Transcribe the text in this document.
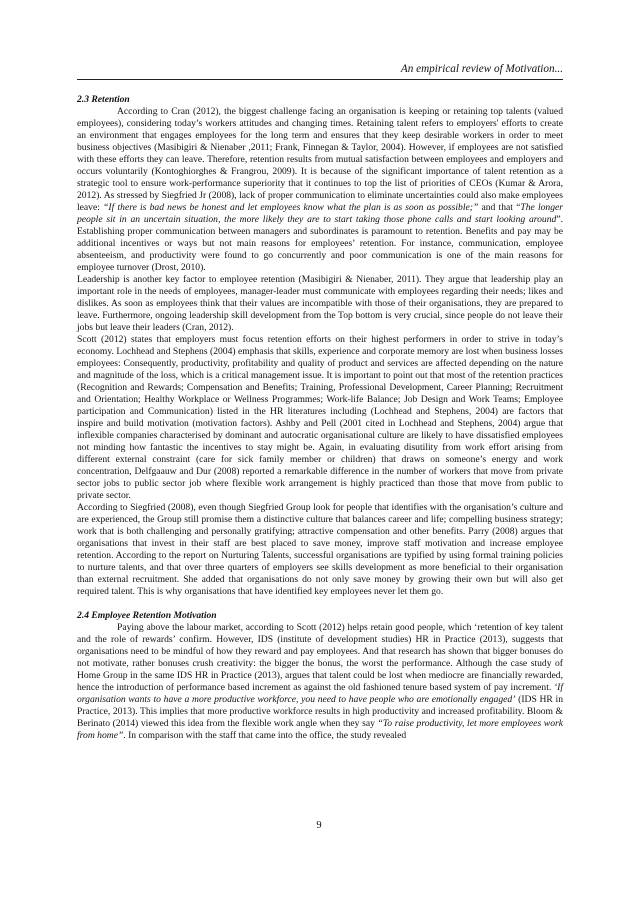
An empirical review of Motivation...
2.3 Retention

According to Cran (2012), the biggest challenge facing an organisation is keeping or retaining top talents (valued employees), considering today’s workers attitudes and changing times. Retaining talent refers to employers' efforts to create an environment that engages employees for the long term and ensures that they keep desirable workers in order to meet business objectives (Masibigiri & Nienaber ,2011; Frank, Finnegan & Taylor, 2004). However, if employees are not satisfied with these efforts they can leave. Therefore, retention results from mutual satisfaction between employees and employers and occurs voluntarily (Kontoghiorghes & Frangrou, 2009). It is because of the significant importance of talent retention as a strategic tool to ensure work-performance superiority that it continues to top the list of priorities of CEOs (Kumar & Arora, 2012). As stressed by Siegfried Jr (2008), lack of proper communication to eliminate uncertainties could also make employees leave: “If there is bad news be honest and let employees know what the plan is as soon as possible;” and that “The longer people sit in an uncertain situation, the more likely they are to start taking those phone calls and start looking around”. Establishing proper communication between managers and subordinates is paramount to retention. Benefits and pay may be additional incentives or ways but not main reasons for employees’ retention. For instance, communication, employee absenteeism, and productivity were found to go concurrently and poor communication is one of the main reasons for employee turnover (Drost, 2010).

Leadership is another key factor to employee retention (Masibigiri & Nienaber, 2011). They argue that leadership play an important role in the needs of employees, manager-leader must communicate with employees regarding their needs; likes and dislikes. As soon as employees think that their values are incompatible with those of their organisations, they are prepared to leave. Furthermore, ongoing leadership skill development from the Top bottom is very crucial, since people do not leave their jobs but leave their leaders (Cran, 2012).

Scott (2012) states that employers must focus retention efforts on their highest performers in order to strive in today’s economy. Lochhead and Stephens (2004) emphasis that skills, experience and corporate memory are lost when business losses employees: Consequently, productivity, profitability and quality of product and services are affected depending on the nature and magnitude of the loss, which is a critical management issue. It is important to point out that most of the retention practices (Recognition and Rewards; Compensation and Benefits; Training, Professional Development, Career Planning; Recruitment and Orientation; Healthy Workplace or Wellness Programmes; Work-life Balance; Job Design and Work Teams; Employee participation and Communication) listed in the HR literatures including (Lochhead and Stephens, 2004) are factors that inspire and build motivation (motivation factors). Ashby and Pell (2001 cited in Lochhead and Stephens, 2004) argue that inflexible companies characterised by dominant and autocratic organisational culture are likely to have dissatisfied employees not minding how fantastic the incentives to stay might be. Again, in evaluating disutility from work effort arising from different external constraint (care for sick family member or children) that draws on someone’s energy and work concentration, Delfgaauw and Dur (2008) reported a remarkable difference in the number of workers that move from private sector jobs to public sector job where flexible work arrangement is highly practiced than those that move from public to private sector.

According to Siegfried (2008), even though Siegfried Group look for people that identifies with the organisation’s culture and are experienced, the Group still promise them a distinctive culture that balances career and life; compelling business strategy; work that is both challenging and personally gratifying; attractive compensation and other benefits. Parry (2008) argues that organisations that invest in their staff are best placed to save money, improve staff motivation and increase employee retention. According to the report on Nurturing Talents, successful organisations are typified by using formal training policies to nurture talents, and that over three quarters of employers see skills development as more beneficial to their organisation than external recruitment. She added that organisations do not only save money by growing their own but will also get required talent. This is why organisations that have identified key employees never let them go.

2.4 Employee Retention Motivation

Paying above the labour market, according to Scott (2012) helps retain good people, which ‘retention of key talent and the role of rewards’ confirm. However, IDS (institute of development studies) HR in Practice (2013), suggests that organisations need to be mindful of how they reward and pay employees. And that research has shown that bigger bonuses do not motivate, rather bonuses crush creativity: the bigger the bonus, the worst the performance. Although the case study of Home Group in the same IDS HR in Practice (2013), argues that talent could be lost when mediocre are financially rewarded, hence the introduction of performance based increment as against the old fashioned tenure based system of pay increment. ‘If organisation wants to have a more productive workforce, you need to have people who are emotionally engaged’ (IDS HR in Practice, 2013). This implies that more productive workforce results in high productivity and increased profitability. Bloom & Berinato (2014) viewed this idea from the flexible work angle when they say “To raise productivity, let more employees work from home”. In comparison with the staff that came into the office, the study revealed

9
